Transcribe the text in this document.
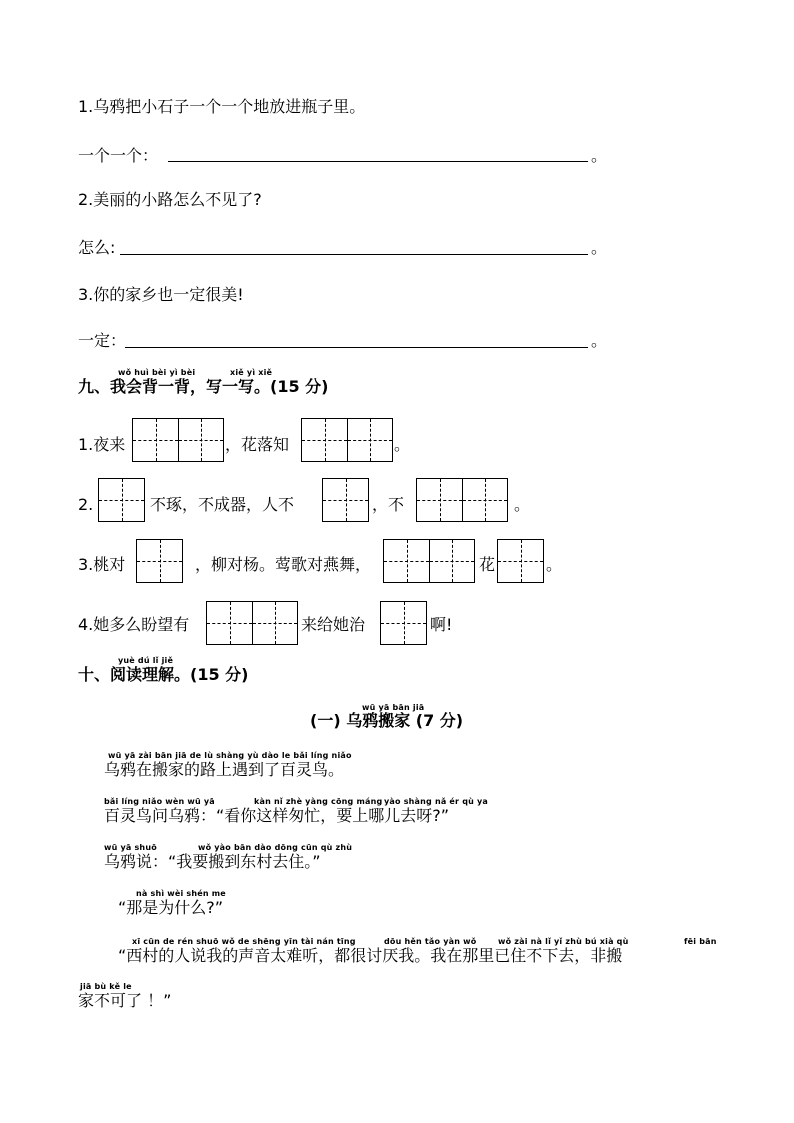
1.乌鸦把小石子一个一个地放进瓶子里。
一个一个：	。
2.美丽的小路怎么不见了?
怎么:	。
3.你的家乡也一定很美!
一定：	。
wǒ huì bèi yì bèi	xiě yì xiě
九、我会背一背，写一写。(15 分)
1.夜来	，花落知	。
2.	不琢，不成器，人不	，不	。
3.桃对	，柳对杨。莺歌对燕舞，	花	。
4.她多么盼望有	来给她治	啊!
yuè dú lǐ jiě
十、阅读理解。(15 分)
wū yā bān jiā
(一) 乌鸦搬家 (7 分)
wū yā zài bān jiā de lù shàng yù dào le bǎi líng niǎo
乌鸦在搬家的路上遇到了百灵鸟。
bǎi líng niǎo wèn wū yā	kàn nǐ zhè yàng cōng máng yào shàng nǎ ér qù ya
百灵鸟问乌鸦：“看你这样匆忙，要上哪儿去呀?”
wū yā shuō	wǒ yào bān dào dōng cūn qù zhù
乌鸦说：“我要搬到东村去住。”
nà shì wèi shén me
“那是为什么?”
xī cūn de rén shuō wǒ de shēng yīn tài nán tīng	dōu hěn tǎo yàn wǒ	wǒ zài nà lǐ yǐ zhù bú xià qù	fēi bān
“西村的人说我的声音太难听，都很讨厌我。我在那里已住不下去，非搬
jiā bù kě le
家不可了 ！”
